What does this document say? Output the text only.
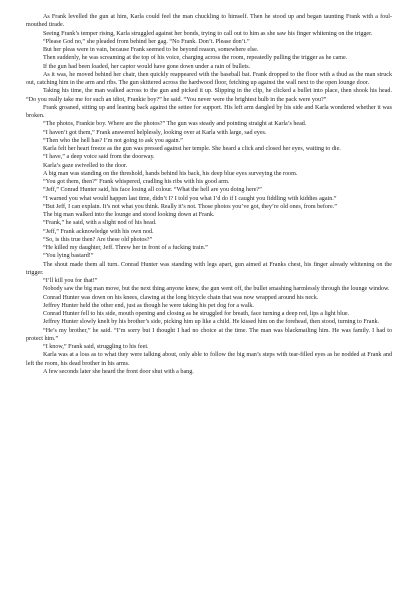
As Frank levelled the gun at him, Karla could feel the man chuckling to himself. Then he stood up and began taunting Frank with a foul-mouthed tirade.

Seeing Frank’s temper rising, Karla struggled against her bonds, trying to call out to him as she saw his finger whitening on the trigger.

“Please God no,” she pleaded from behind her gag. “No Frank. Don’t. Please don’t.”

But her pleas were in vain, because Frank seemed to be beyond reason, somewhere else.

Then suddenly, he was screaming at the top of his voice, charging across the room, repeatedly pulling the trigger as he came.

If the gun had been loaded, her captor would have gone down under a rain of bullets.

As it was, he moved behind her chair, then quickly reappeared with the baseball bat. Frank dropped to the floor with a thud as the man struck out, catching him in the arm and ribs. The gun skittered across the hardwood floor, fetching up against the wall next to the open lounge door.

Taking his time, the man walked across to the gun and picked it up. Slipping in the clip, he clicked a bullet into place, then shook his head. “Do you really take me for such an idiot, Frankie boy?” he said. “You never were the brightest bulb in the pack were you?”

Frank groaned, sitting up and leaning back against the settee for support. His left arm dangled by his side and Karla wondered whether it was broken.

“The photos, Frankie boy. Where are the photos?” The gun was steady and pointing straight at Karla’s head.

“I haven’t got them,” Frank answered helplessly, looking over at Karla with large, sad eyes.

“Then who the hell has? I’m not going to ask you again.”

Karla felt her heart freeze as the gun was pressed against her temple. She heard a click and closed her eyes, waiting to die.

“I have,” a deep voice said from the doorway.

Karla’s gaze swivelled to the door.

A big man was standing on the threshold, hands behind his back, his deep blue eyes surveying the room.

“You got them, then?” Frank whispered, cradling his ribs with his good arm.

“Jeff,” Conrad Hunter said, his face losing all colour. “What the hell are you doing here?”

“I warned you what would happen last time, didn’t I? I told you what I’d do if I caught you fiddling with kiddies again.”

“But Jeff, I can explain. It’s not what you think. Really it’s not. Those photos you’ve got, they’re old ones, from before.”

The big man walked into the lounge and stood looking down at Frank.

“Frank,” he said, with a slight nod of his head.

“Jeff,” Frank acknowledge with his own nod.

“So, is this true then? Are these old photos?”

“He killed my daughter, Jeff. Threw her in front of a fucking train.”

“You lying bastard!”

The shout made them all turn. Conrad Hunter was standing with legs apart, gun aimed at Franks chest, his finger already whitening on the trigger.

“I’ll kill you for that!”

Nobody saw the big man move, but the next thing anyone knew, the gun went off, the bullet smashing harmlessly through the lounge window.

Conrad Hunter was down on his knees, clawing at the long bicycle chain that was now wrapped around his neck.

Jeffrey Hunter held the other end, just as though he were taking his pet dog for a walk.

Conrad Hunter fell to his side, mouth opening and closing as he struggled for breath, face turning a deep red, lips a light blue.

Jeffrey Hunter slowly knelt by his brother’s side, picking him up like a child. He kissed him on the forehead, then stood, turning to Frank.

“He’s my brother,” he said. “I’m sorry but I thought I had no choice at the time. The man was blackmailing him. He was family. I had to protect him.”

“I know,” Frank said, struggling to his feet.

Karla was at a loss as to what they were talking about, only able to follow the big man’s steps with tear-filled eyes as he nodded at Frank and left the room, his dead brother in his arms.

A few seconds later she heard the front door shut with a bang.
